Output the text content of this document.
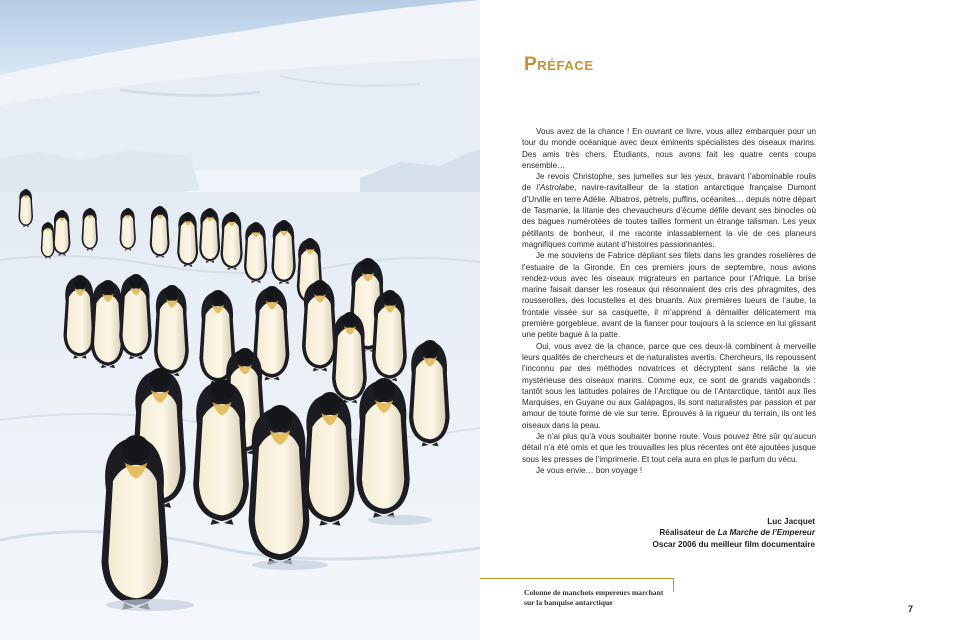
Préface

Vous avez de la chance ! En ouvrant ce livre, vous allez embarquer pour un tour du monde océanique avec deux éminents spécialistes des oiseaux marins. Des amis très chers. Étudiants, nous avons fait les quatre cents coups ensemble…

Je revois Christophe, ses jumelles sur les yeux, bravant l’abominable roulis de l’Astrolabe, navire-ravitailleur de la station antarctique française Dumont d’Urville en terre Adélie. Albatros, pétrels, puffins, océanites… depuis notre départ de Tasmanie, la litanie des chevaucheurs d’écume défile devant ses binocles où des bagues numérotées de toutes tailles forment un étrange talisman. Les yeux pétillants de bonheur, il me raconte inlassablement la vie de ces planeurs magnifiques comme autant d’histoires passionnantes.

Je me souviens de Fabrice dépliant ses filets dans les grandes roselières de l’estuaire de la Gironde. En ces premiers jours de septembre, nous avions rendez-vous avec les oiseaux migrateurs en partance pour l’Afrique. La brise marine faisait danser les roseaux qui résonnaient des cris des phragmites, des rousserolles, des locustelles et des bruants. Aux premières lueurs de l’aube, la frontale vissée sur sa casquette, il m’apprend à démailler délicatement ma première gorgebleue, avant de la fiancer pour toujours à la science en lui glissant une petite bague à la patte.

Oui, vous avez de la chance, parce que ces deux-là combinent à merveille leurs qualités de chercheurs et de naturalistes avertis. Chercheurs, ils repoussent l’inconnu par des méthodes novatrices et décryptent sans relâche la vie mystérieuse des oiseaux marins. Comme eux, ce sont de grands vagabonds : tantôt sous les latitudes polaires de l’Arctique ou de l’Antarctique, tantôt aux îles Marquises, en Guyane ou aux Galápagos, ils sont naturalistes par passion et par amour de toute forme de vie sur terre. Éprouvés à la rigueur du terrain, ils ont les oiseaux dans la peau.

Je n’ai plus qu’à vous souhaiter bonne route. Vous pouvez être sûr qu’aucun détail n’a été omis et que les trouvailles les plus récentes ont été ajoutées jusque sous les presses de l’imprimerie. Et tout cela aura en plus le parfum du vécu.

Je vous envie… bon voyage !

Luc Jacquet
Réalisateur de La Marche de l’Empereur
Oscar 2006 du meilleur film documentaire
Colonne de manchots empereurs marchant sur la banquise antarctique
7
